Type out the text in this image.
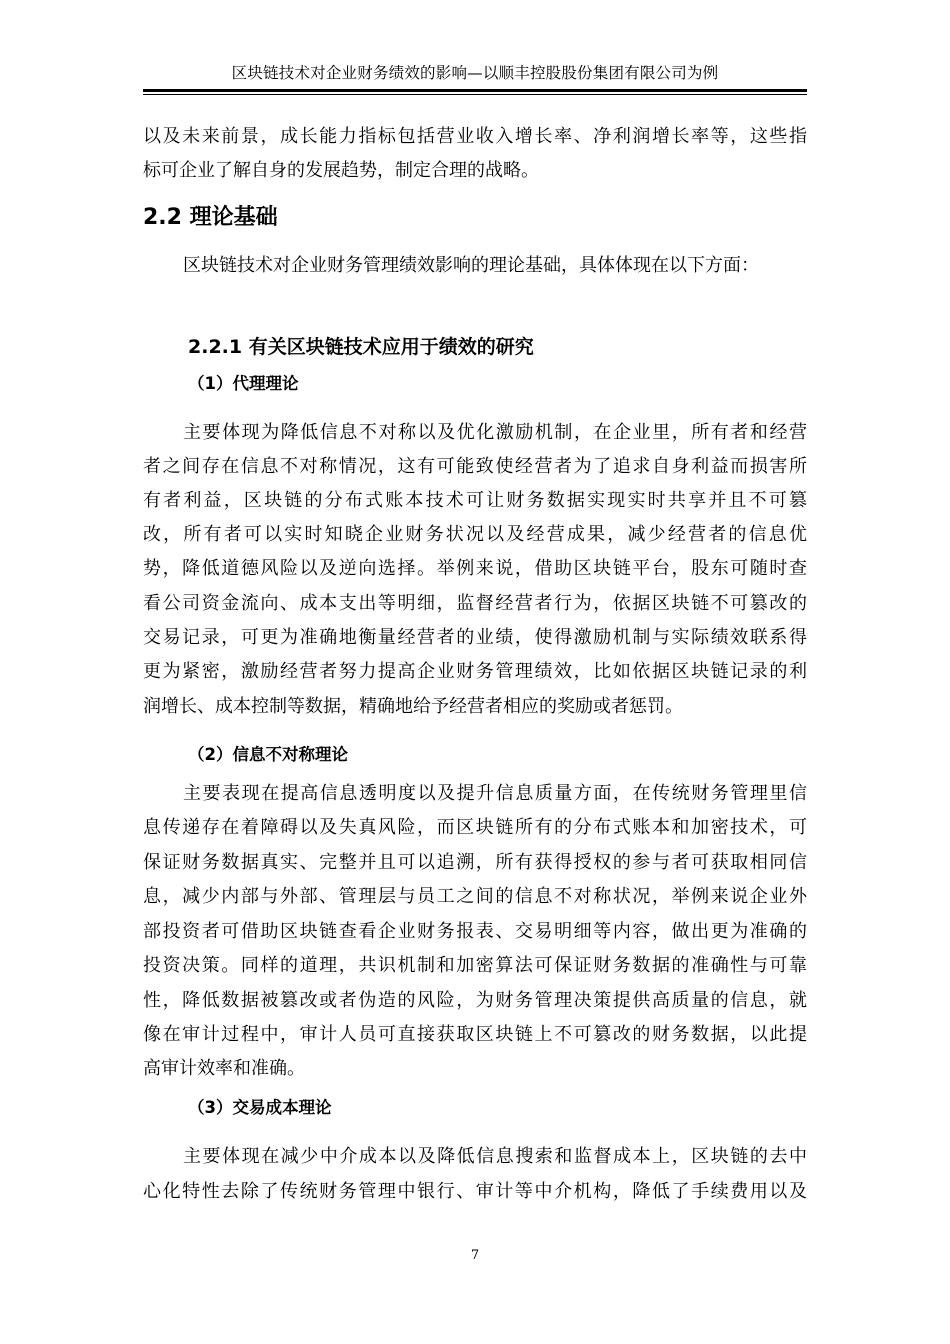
区块链技术对企业财务绩效的影响—以顺丰控股股份集团有限公司为例
以及未来前景，成长能力指标包括营业收入增长率、净利润增长率等，这些指
标可企业了解自身的发展趋势，制定合理的战略。
2.2 理论基础
区块链技术对企业财务管理绩效影响的理论基础，具体体现在以下方面：
2.2.1 有关区块链技术应用于绩效的研究
（1）代理理论
主要体现为降低信息不对称以及优化激励机制，在企业里，所有者和经营
者之间存在信息不对称情况，这有可能致使经营者为了追求自身利益而损害所
有者利益，区块链的分布式账本技术可让财务数据实现实时共享并且不可篡
改，所有者可以实时知晓企业财务状况以及经营成果，减少经营者的信息优
势，降低道德风险以及逆向选择。举例来说，借助区块链平台，股东可随时查
看公司资金流向、成本支出等明细，监督经营者行为，依据区块链不可篡改的
交易记录，可更为准确地衡量经营者的业绩，使得激励机制与实际绩效联系得
更为紧密，激励经营者努力提高企业财务管理绩效，比如依据区块链记录的利
润增长、成本控制等数据，精确地给予经营者相应的奖励或者惩罚。
（2）信息不对称理论
主要表现在提高信息透明度以及提升信息质量方面，在传统财务管理里信
息传递存在着障碍以及失真风险，而区块链所有的分布式账本和加密技术，可
保证财务数据真实、完整并且可以追溯，所有获得授权的参与者可获取相同信
息，减少内部与外部、管理层与员工之间的信息不对称状况，举例来说企业外
部投资者可借助区块链查看企业财务报表、交易明细等内容，做出更为准确的
投资决策。同样的道理，共识机制和加密算法可保证财务数据的准确性与可靠
性，降低数据被篡改或者伪造的风险，为财务管理决策提供高质量的信息，就
像在审计过程中，审计人员可直接获取区块链上不可篡改的财务数据，以此提
高审计效率和准确。
（3）交易成本理论
主要体现在减少中介成本以及降低信息搜索和监督成本上，区块链的去中
心化特性去除了传统财务管理中银行、审计等中介机构，降低了手续费用以及
7
